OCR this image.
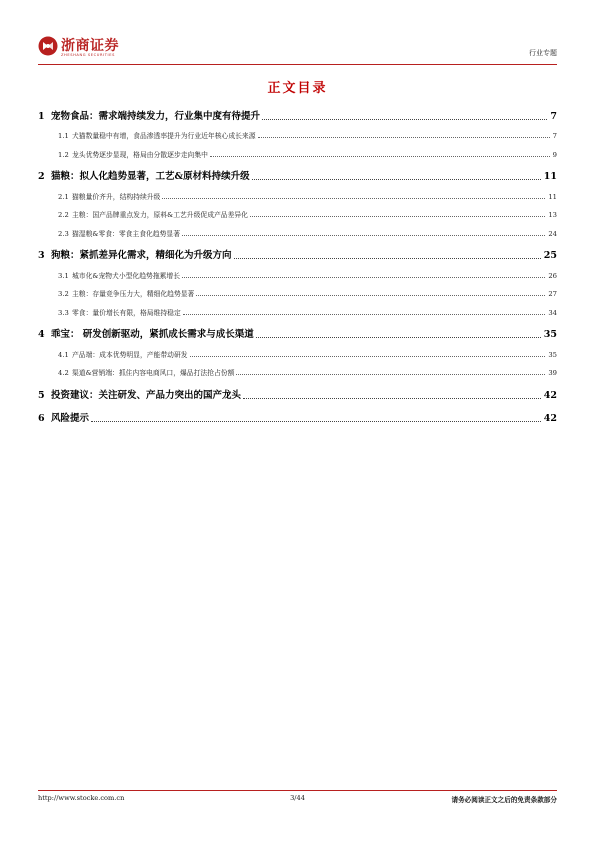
浙商证券
ZHESHANG SECURITIES	行业专题
正文目录
1 宠物食品：需求端持续发力，行业集中度有待提升	7
1.1 犬猫数量稳中有增，食品渗透率提升为行业近年核心成长来源	7
1.2 龙头优势逐步显现，格局由分散逐步走向集中	9
2 猫粮：拟人化趋势显著，工艺&原材料持续升级	11
2.1 猫粮量价齐升，结构持续升级	11
2.2 主粮：国产品牌重点发力，原料&工艺升级促成产品差异化	13
2.3 猫湿粮&零食：零食主食化趋势显著	24
3 狗粮：紧抓差异化需求，精细化为升级方向	25
3.1 城市化&宠物犬小型化趋势拖累增长	26
3.2 主粮：存量竞争压力大，精细化趋势显著	27
3.3 零食：量价增长有限，格局维持稳定	34
4 乖宝： 研发创新驱动，紧抓成长需求与成长渠道	35
4.1 产品端：成本优势明显，产能带动研发	35
4.2 渠道&营销端：抓住内容电商风口，爆品打法抢占份额	39
5 投资建议：关注研发、产品力突出的国产龙头	42
6 风险提示	42
http://www.stocke.com.cn	3/44	请务必阅读正文之后的免责条款部分
